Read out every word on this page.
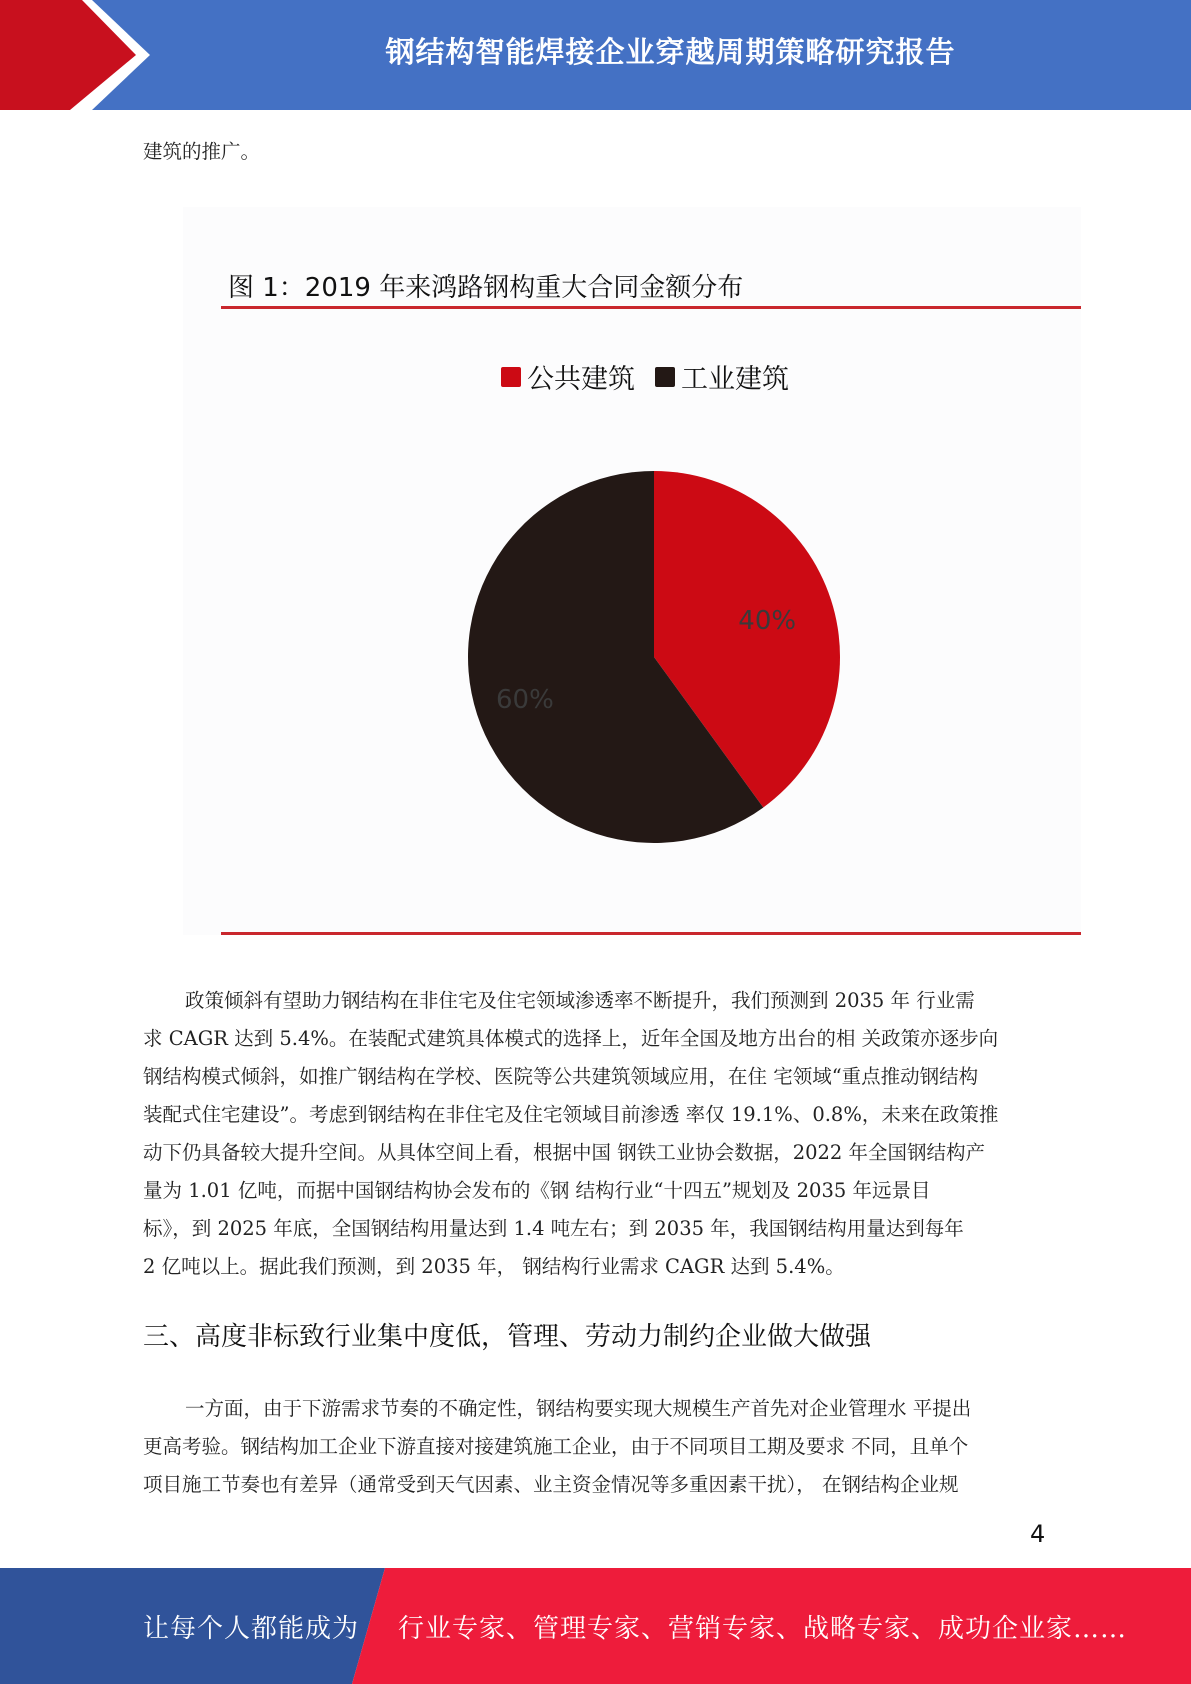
钢结构智能焊接企业穿越周期策略研究报告
建筑的推广。
图 1：2019 年来鸿路钢构重大合同金额分布
公共建筑 工业建筑
40%
60%
政策倾斜有望助力钢结构在非住宅及住宅领域渗透率不断提升，我们预测到 2035 年 行业需
求 CAGR 达到 5.4%。在装配式建筑具体模式的选择上，近年全国及地方出台的相 关政策亦逐步向
钢结构模式倾斜，如推广钢结构在学校、医院等公共建筑领域应用，在住 宅领域“重点推动钢结构
装配式住宅建设”。考虑到钢结构在非住宅及住宅领域目前渗透 率仅 19.1%、0.8%，未来在政策推
动下仍具备较大提升空间。从具体空间上看，根据中国 钢铁工业协会数据，2022 年全国钢结构产
量为 1.01 亿吨，而据中国钢结构协会发布的《钢 结构行业“十四五”规划及 2035 年远景目
标》，到 2025 年底，全国钢结构用量达到 1.4 吨左右；到 2035 年，我国钢结构用量达到每年
2 亿吨以上。据此我们预测，到 2035 年， 钢结构行业需求 CAGR 达到 5.4%。
三、高度非标致行业集中度低，管理、劳动力制约企业做大做强
一方面，由于下游需求节奏的不确定性，钢结构要实现大规模生产首先对企业管理水 平提出
更高考验。钢结构加工企业下游直接对接建筑施工企业，由于不同项目工期及要求 不同，且单个
项目施工节奏也有差异（通常受到天气因素、业主资金情况等多重因素干扰）， 在钢结构企业规
4
让每个人都能成为 行业专家、管理专家、营销专家、战略专家、成功企业家……
